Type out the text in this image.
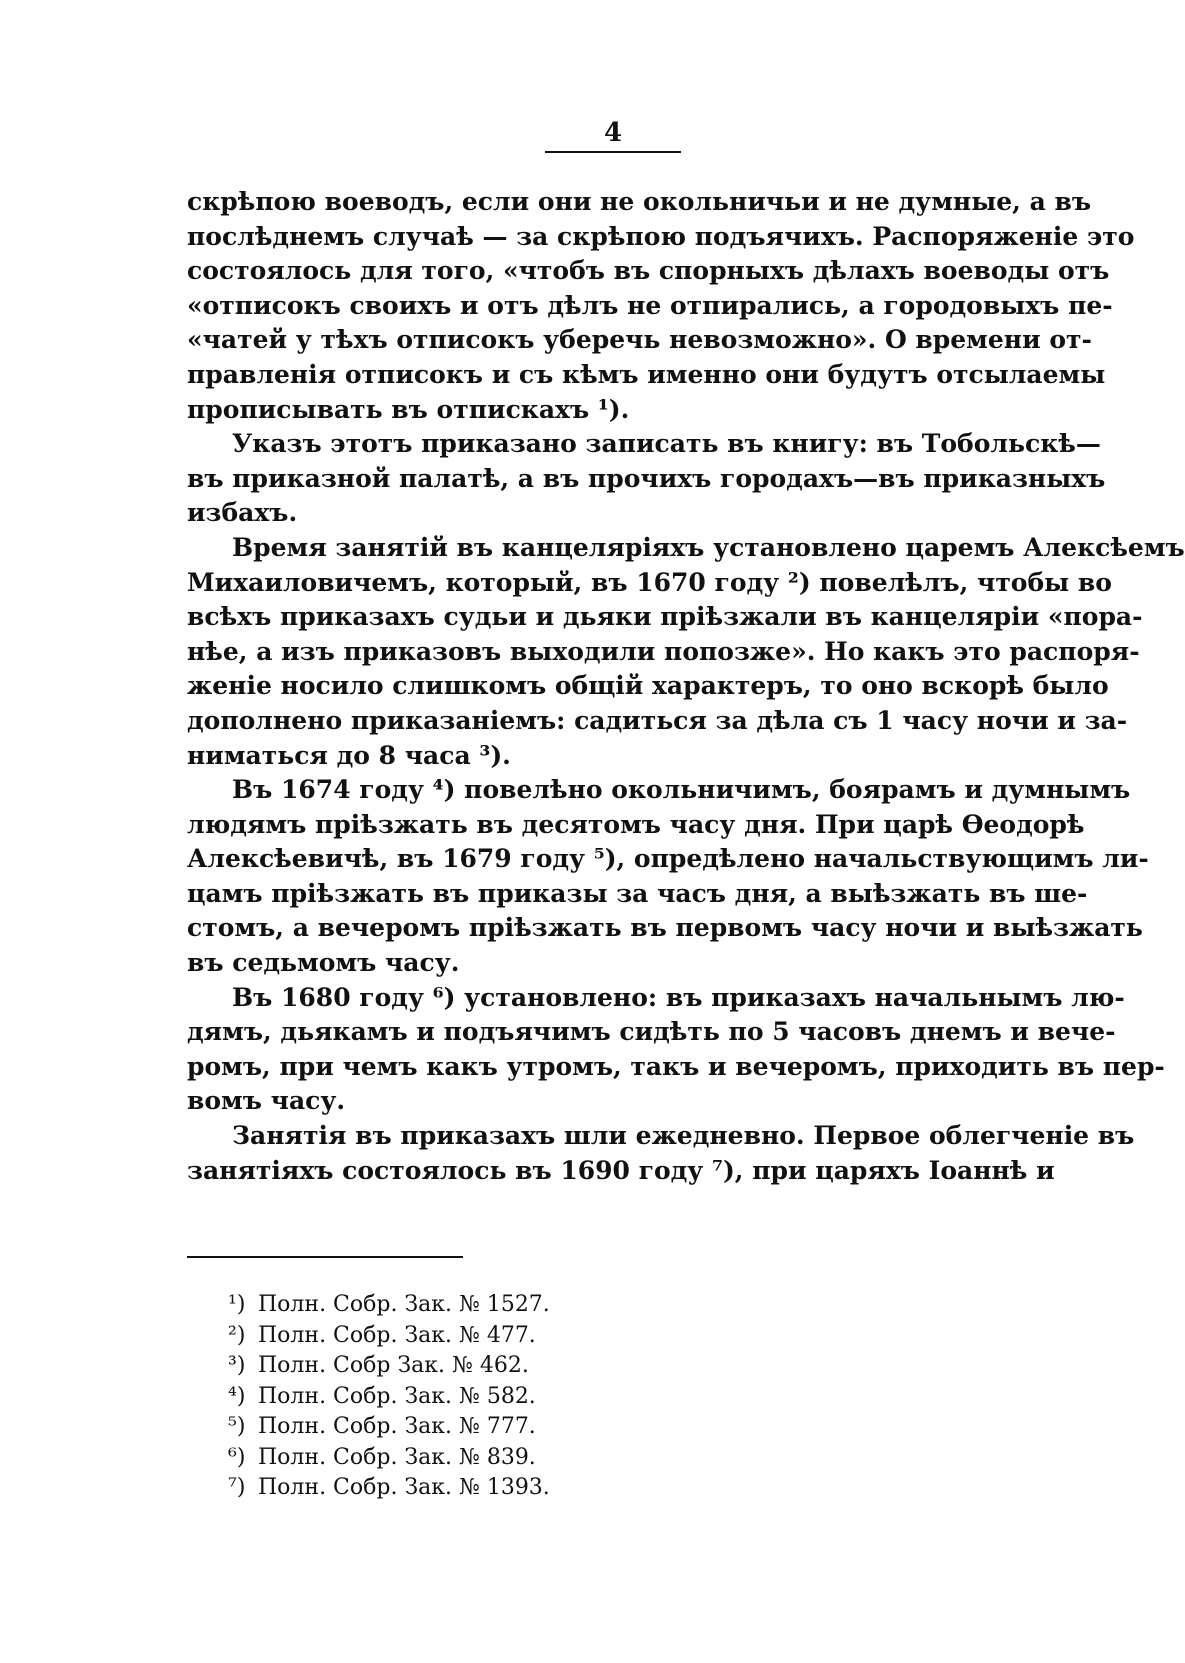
4
скрѣпою воеводъ, если они не окольничьи и не думные, а въ
послѣднемъ случаѣ — за скрѣпою подъячихъ. Распоряженіе это
состоялось для того, «чтобъ въ спорныхъ дѣлахъ воеводы отъ
«отписокъ своихъ и отъ дѣлъ не отпирались, а городовыхъ пе-
«чатей у тѣхъ отписокъ уберечь невозможно». О времени от-
правленія отписокъ и съ кѣмъ именно они будутъ отсылаемы
прописывать въ отпискахъ ¹).
Указъ этотъ приказано записать въ книгу: въ Тобольскѣ—
въ приказной палатѣ, а въ прочихъ городахъ—въ приказныхъ
избахъ.
Время занятій въ канцеляріяхъ установлено царемъ Алексѣемъ
Михаиловичемъ, который, въ 1670 году ²) повелѣлъ, чтобы во
всѣхъ приказахъ судьи и дьяки пріѣзжали въ канцеляріи «пора-
нѣе, а изъ приказовъ выходили попозже». Но какъ это распоря-
женіе носило слишкомъ общій характеръ, то оно вскорѣ было
дополнено приказаніемъ: садиться за дѣла съ 1 часу ночи и за-
ниматься до 8 часа ³).
Въ 1674 году ⁴) повелѣно окольничимъ, боярамъ и думнымъ
людямъ пріѣзжать въ десятомъ часу дня. При царѣ Өеодорѣ
Алексѣевичѣ, въ 1679 году ⁵), опредѣлено начальствующимъ ли-
цамъ пріѣзжать въ приказы за часъ дня, а выѣзжать въ ше-
стомъ, а вечеромъ пріѣзжать въ первомъ часу ночи и выѣзжать
въ седьмомъ часу.
Въ 1680 году ⁶) установлено: въ приказахъ начальнымъ лю-
дямъ, дьякамъ и подъячимъ сидѣть по 5 часовъ днемъ и вече-
ромъ, при чемъ какъ утромъ, такъ и вечеромъ, приходить въ пер-
вомъ часу.
Занятія въ приказахъ шли ежедневно. Первое облегченіе въ
занятіяхъ состоялось въ 1690 году ⁷), при царяхъ Іоаннѣ и
¹) Полн. Собр. Зак. № 1527.
²) Полн. Собр. Зак. № 477.
³) Полн. Собр Зак. № 462.
⁴) Полн. Собр. Зак. № 582.
⁵) Полн. Собр. Зак. № 777.
⁶) Полн. Собр. Зак. № 839.
⁷) Полн. Собр. Зак. № 1393.
